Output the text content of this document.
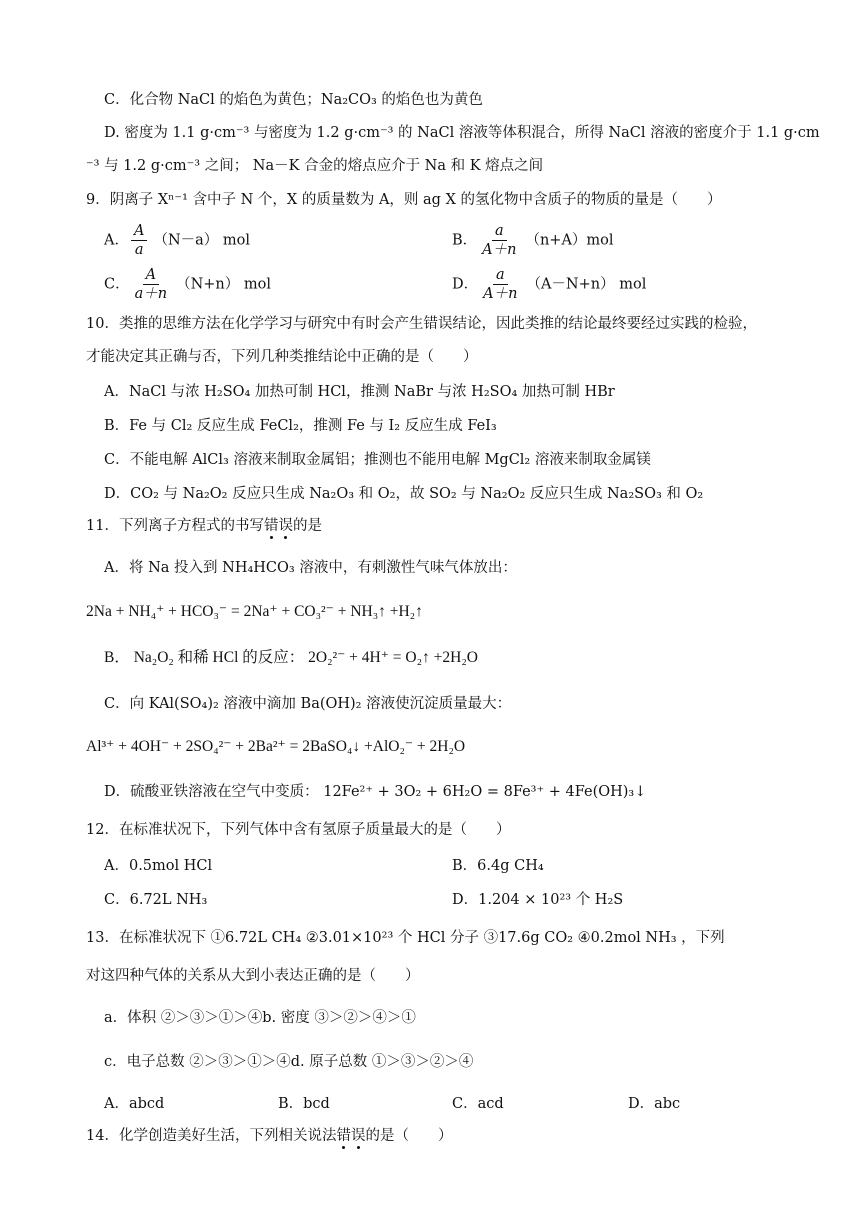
C．化合物 NaCl 的焰色为黄色；Na₂CO₃ 的焰色也为黄色
D. 密度为 1.1 g·cm⁻³ 与密度为 1.2 g·cm⁻³ 的 NaCl 溶液等体积混合，所得 NaCl 溶液的密度介于 1.1 g·cm
⁻³ 与 1.2 g·cm⁻³ 之间； Na－K 合金的熔点应介于 Na 和 K 熔点之间
9．阴离子 Xⁿ⁻¹ 含中子 N 个，X 的质量数为 A，则 ag X 的氢化物中含质子的物质的量是（　　）
A． $\frac{A}{a} (N-a)$ mol	B． $\frac{a}{A+n} (n+A)mol$
C． $\frac{A}{a+n} (N+n)$ mol	D． $\frac{a}{A+n} (A-N+n)$ mol
10．类推的思维方法在化学学习与研究中有时会产生错误结论，因此类推的结论最终要经过实践的检验，
才能决定其正确与否，下列几种类推结论中正确的是（　　）
A．NaCl 与浓 H₂SO₄ 加热可制 HCl，推测 NaBr 与浓 H₂SO₄ 加热可制 HBr
B．Fe 与 Cl₂ 反应生成 FeCl₂，推测 Fe 与 I₂ 反应生成 FeI₃
C．不能电解 AlCl₃ 溶液来制取金属铝；推测也不能用电解 MgCl₂ 溶液来制取金属镁
D．CO₂ 与 Na₂O₂ 反应只生成 Na₂O₃ 和 O₂，故 SO₂ 与 Na₂O₂ 反应只生成 Na₂SO₃ 和 O₂
11．下列离子方程式的书写错误的是
A．将 Na 投入到 NH₄HCO₃ 溶液中，有刺激性气味气体放出：
2Na + NH₄⁺ + HCO₃⁻ = 2Na⁺ + CO₃²⁻ + NH₃↑ +H₂↑
B． Na₂O₂ 和稀 HCl 的反应： 2O₂²⁻ + 4H⁺ = O₂↑ +2H₂O
C．向 KAl(SO₄)₂ 溶液中滴加 Ba(OH)₂ 溶液使沉淀质量最大：
Al³⁺ + 4OH⁻ + 2SO₄²⁻ + 2Ba²⁺ = 2BaSO₄↓ +AlO₂⁻ + 2H₂O
D．硫酸亚铁溶液在空气中变质： 12Fe²⁺ + 3O₂ + 6H₂O = 8Fe³⁺ + 4Fe(OH)₃↓
12．在标准状况下，下列气体中含有氢原子质量最大的是（　　）
A．0.5mol HCl	B．6.4g CH₄
C．6.72L NH₃	D．1.204 × 10²³ 个 H₂S
13．在标准状况下 ①6.72L CH₄ ②3.01×10²³ 个 HCl 分子 ③17.6g CO₂ ④0.2mol NH₃ ，下列
对这四种气体的关系从大到小表达正确的是（　　）
a．体积 ②＞③＞①＞④b. 密度 ③＞②＞④＞①
c．电子总数 ②＞③＞①＞④d. 原子总数 ①＞③＞②＞④
A．abcd	B．bcd	C．acd	D．abc
14．化学创造美好生活，下列相关说法错误的是（　　）
